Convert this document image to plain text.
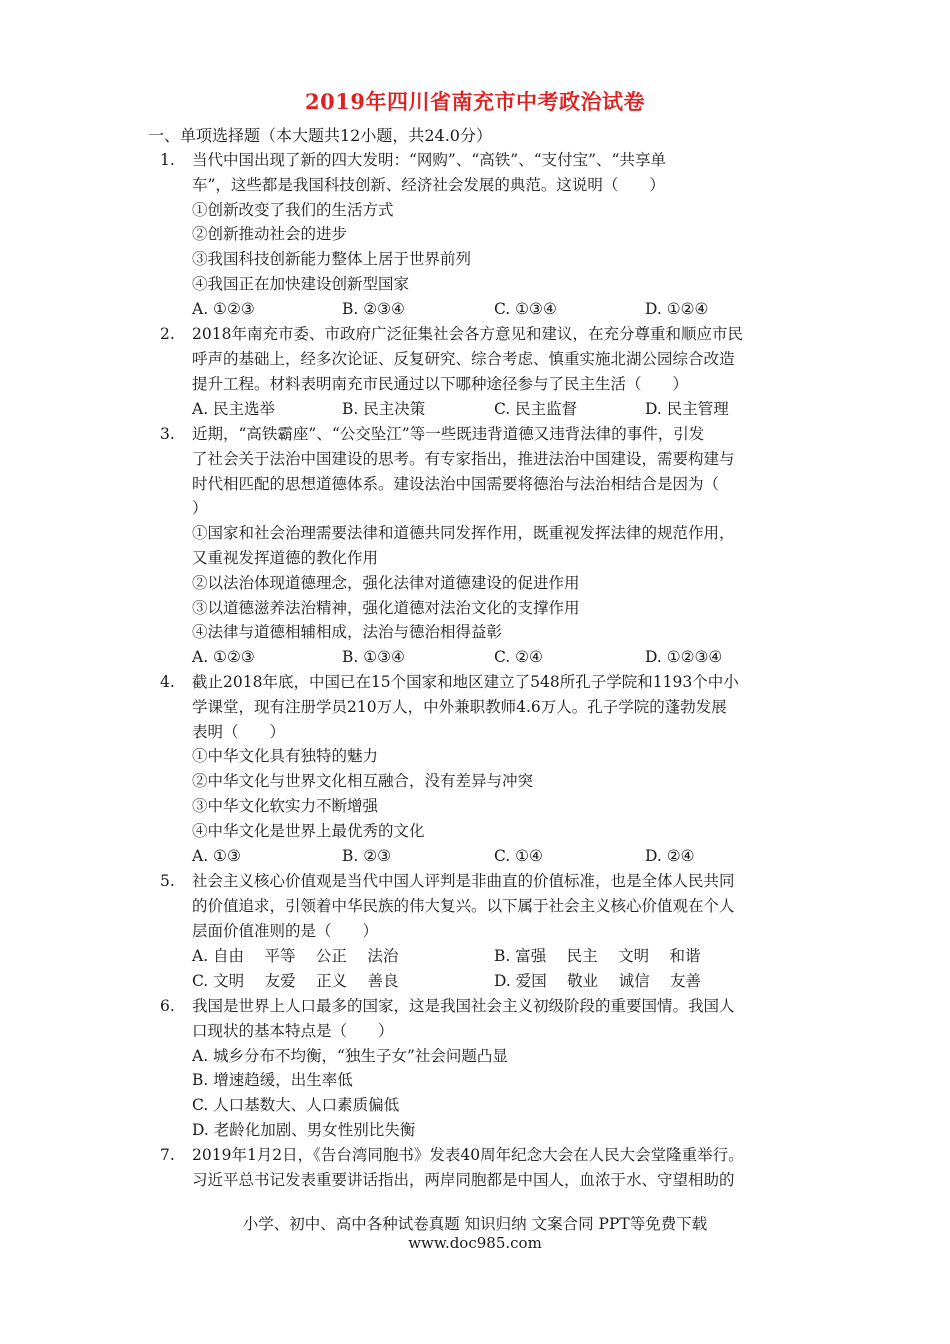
2019年四川省南充市中考政治试卷
一、单项选择题（本大题共12小题，共24.0分）
1.	当代中国出现了新的四大发明：“网购”、“高铁”、“支付宝”、“共享单
车”，这些都是我国科技创新、经济社会发展的典范。这说明（　　）
①创新改变了我们的生活方式
②创新推动社会的进步
③我国科技创新能力整体上居于世界前列
④我国正在加快建设创新型国家
A. ①②③	B. ②③④	C. ①③④	D. ①②④
2.	2018年南充市委、市政府广泛征集社会各方意见和建议，在充分尊重和顺应市民
呼声的基础上，经多次论证、反复研究、综合考虑、慎重实施北湖公园综合改造
提升工程。材料表明南充市民通过以下哪种途径参与了民主生活（　　）
A. 民主选举	B. 民主决策	C. 民主监督	D. 民主管理
3.	近期，“高铁霸座”、“公交坠江”等一些既违背道德又违背法律的事件，引发
了社会关于法治中国建设的思考。有专家指出，推进法治中国建设，需要构建与
时代相匹配的思想道德体系。建设法治中国需要将德治与法治相结合是因为（
）
①国家和社会治理需要法律和道德共同发挥作用，既重视发挥法律的规范作用，
又重视发挥道德的教化作用
②以法治体现道德理念，强化法律对道德建设的促进作用
③以道德滋养法治精神，强化道德对法治文化的支撑作用
④法律与道德相辅相成，法治与德治相得益彰
A. ①②③	B. ①③④	C. ②④	D. ①②③④
4.	截止2018年底，中国已在15个国家和地区建立了548所孔子学院和1193个中小
学课堂，现有注册学员210万人，中外兼职教师4.6万人。孔子学院的蓬勃发展
表明（　　）
①中华文化具有独特的魅力
②中华文化与世界文化相互融合，没有差异与冲突
③中华文化软实力不断增强
④中华文化是世界上最优秀的文化
A. ①③	B. ②③	C. ①④	D. ②④
5.	社会主义核心价值观是当代中国人评判是非曲直的价值标准，也是全体人民共同
的价值追求，引领着中华民族的伟大复兴。以下属于社会主义核心价值观在个人
层面价值准则的是（　　）
A. 自由　 平等 　公正 　法治	B. 富强 　民主 　文明 　和谐
C. 文明　 友爱 　正义 　善良	D. 爱国 　敬业 　诚信 　友善
6.	我国是世界上人口最多的国家，这是我国社会主义初级阶段的重要国情。我国人
口现状的基本特点是（　　）
A. 城乡分布不均衡，“独生子女”社会问题凸显
B. 增速趋缓，出生率低
C. 人口基数大、人口素质偏低
D. 老龄化加剧、男女性别比失衡
7.	2019年1月2日，《告台湾同胞书》发表40周年纪念大会在人民大会堂隆重举行。
习近平总书记发表重要讲话指出，两岸同胞都是中国人，血浓于水、守望相助的
小学、初中、高中各种试卷真题 知识归纳 文案合同 PPT等免费下载
www.doc985.com
